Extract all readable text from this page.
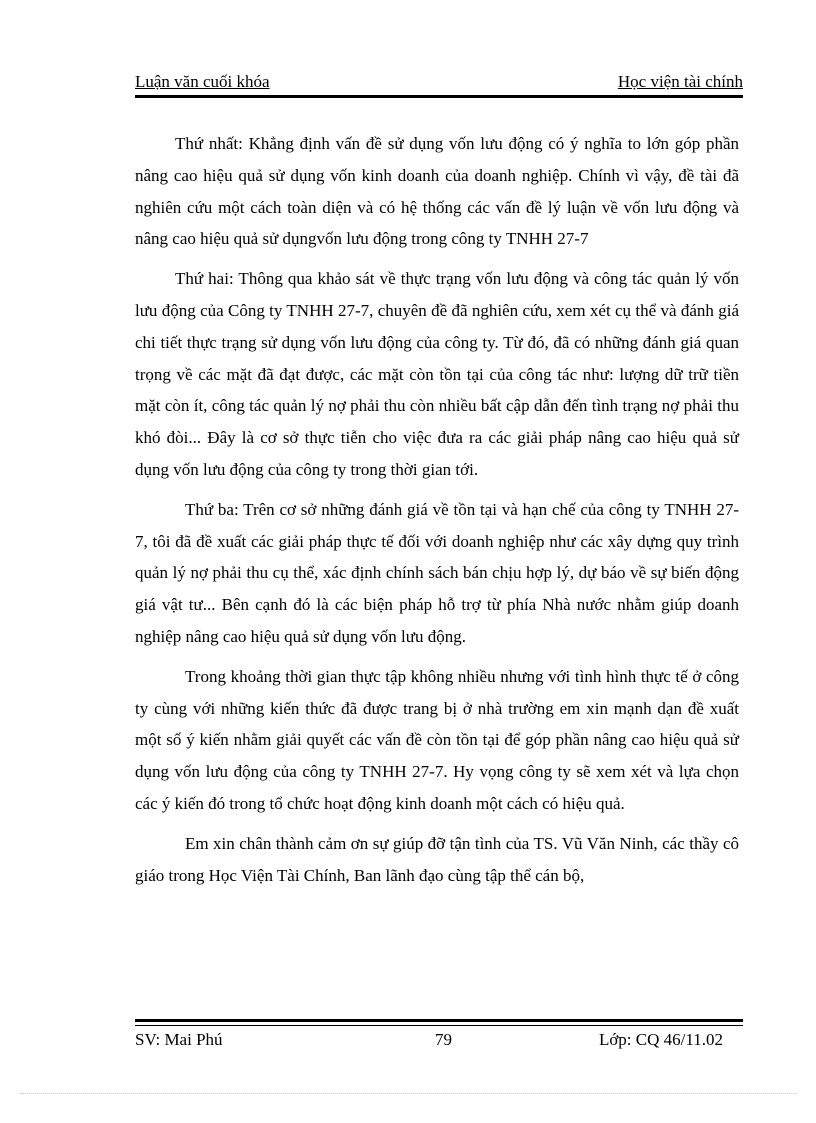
Luận văn cuối khóa	Học viện tài chính

Thứ nhất: Khẳng định vấn đề sử dụng vốn lưu động có ý nghĩa to lớn góp phần nâng cao hiệu quả sử dụng vốn kinh doanh của doanh nghiệp. Chính vì vậy, đề tài đã nghiên cứu một cách toàn diện và có hệ thống các vấn đề lý luận về vốn lưu động và nâng cao hiệu quả sử dụngvốn lưu động trong công ty TNHH 27-7

Thứ hai: Thông qua khảo sát về thực trạng vốn lưu động và công tác quản lý vốn lưu động của Công ty TNHH 27-7, chuyên đề đã nghiên cứu, xem xét cụ thể và đánh giá chi tiết thực trạng sử dụng vốn lưu động của công ty. Từ đó, đã có những đánh giá quan trọng về các mặt đã đạt được, các mặt còn tồn tại của công tác như: lượng dữ trữ tiền mặt còn ít, công tác quản lý nợ phải thu còn nhiều bất cập dẫn đến tình trạng nợ phải thu khó đòi... Đây là cơ sở thực tiễn cho việc đưa ra các giải pháp nâng cao hiệu quả sử dụng vốn lưu động của công ty trong thời gian tới.

Thứ ba: Trên cơ sở những đánh giá về tồn tại và hạn chế của công ty TNHH 27-7, tôi đã đề xuất các giải pháp thực tế đối với doanh nghiệp như các xây dựng quy trình quản lý nợ phải thu cụ thể, xác định chính sách bán chịu hợp lý, dự báo về sự biến động giá vật tư... Bên cạnh đó là các biện pháp hỗ trợ từ phía Nhà nước nhằm giúp doanh nghiệp nâng cao hiệu quả sử dụng vốn lưu động.

Trong khoảng thời gian thực tập không nhiều nhưng với tình hình thực tế ở công ty cùng với những kiến thức đã được trang bị ở nhà trường em xin mạnh dạn đề xuất một số ý kiến nhằm giải quyết các vấn đề còn tồn tại để góp phần nâng cao hiệu quả sử dụng vốn lưu động của công ty TNHH 27-7. Hy vọng công ty sẽ xem xét và lựa chọn các ý kiến đó trong tổ chức hoạt động kinh doanh một cách có hiệu quả.

Em xin chân thành cảm ơn sự giúp đỡ tận tình của TS. Vũ Văn Ninh, các thầy cô giáo trong Học Viện Tài Chính, Ban lãnh đạo cùng tập thể cán bộ,

SV: Mai Phú	79	Lớp: CQ 46/11.02
